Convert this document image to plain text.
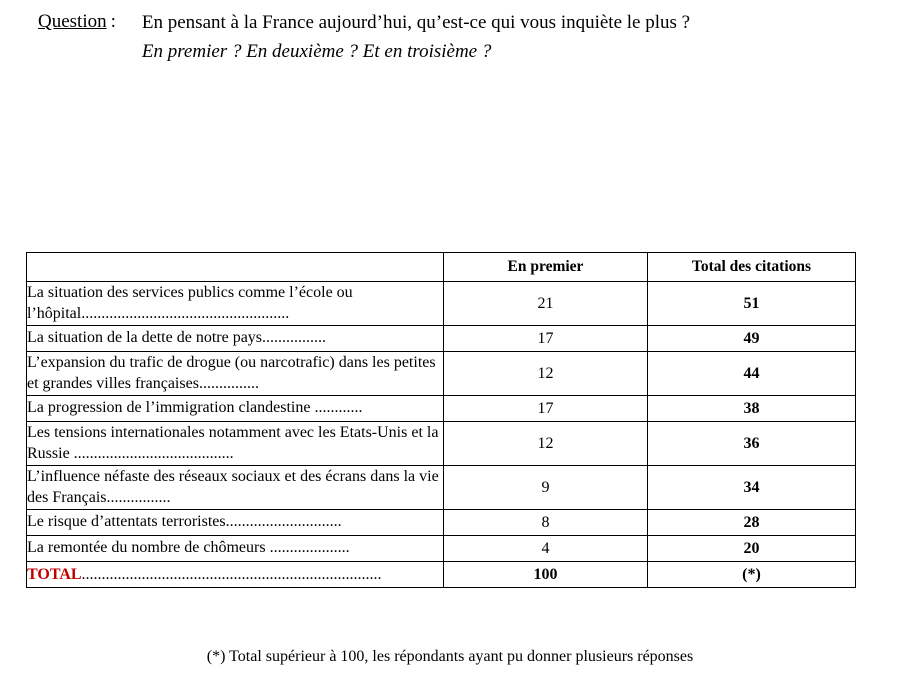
Question : En pensant à la France aujourd’hui, qu’est-ce qui vous inquiète le plus ?
En premier ? En deuxième ? Et en troisième ?
	En premier	Total des citations
La situation des services publics comme l’école ou l’hôpital....................................................	21	51
La situation de la dette de notre pays................	17	49
L’expansion du trafic de drogue (ou narcotrafic) dans les petites et grandes villes françaises...............	12	44
La progression de l’immigration clandestine ............	17	38
Les tensions internationales notamment avec les Etats-Unis et la Russie ........................................	12	36
L’influence néfaste des réseaux sociaux et des écrans dans la vie des Français................	9	34
Le risque d’attentats terroristes.............................	8	28
La remontée du nombre de chômeurs ....................	4	20
TOTAL...........................................................................	100	(*)
(*) Total supérieur à 100, les répondants ayant pu donner plusieurs réponses
